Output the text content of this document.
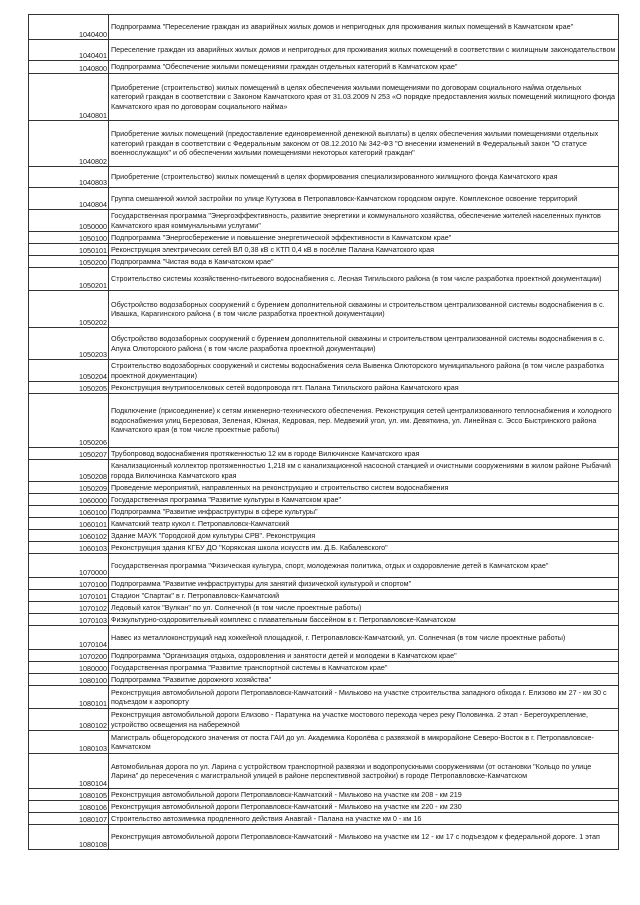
1040400	Подпрограмма "Переселение граждан из аварийных жилых домов и непригодных для проживания жилых помещений в Камчатском крае"
1040401	Переселение граждан из аварийных жилых домов и непригодных для проживания жилых помещений в соответствии с жилищным законодательством
1040800	Подпрограмма "Обеспечение жилыми помещениями граждан отдельных категорий в Камчатском крае"
1040801	Приобретение (строительство) жилых помещений в целях обеспечения жилыми помещениями по договорам социального найма отдельных категорий граждан в соответствии с Законом Камчатского края от 31.03.2009 N 253 «О порядке предоставления жилых помещений жилищного фонда Камчатского края по договорам социального найма»
1040802	Приобретение жилых помещений (предоставление единовременной денежной выплаты) в целях обеспечения жилыми помещениями отдельных категорий граждан в соответствии с Федеральным законом от 08.12.2010 № 342-ФЗ "О внесении изменений в Федеральный закон "О статусе военнослужащих" и об обеспечении жилыми помещениями некоторых категорий граждан"
1040803	Приобретение (строительство) жилых помещений в целях формирования специализированного жилищного фонда Камчатского края
1040804	Группа смешанной жилой застройки по улице Кутузова в Петропавловск-Камчатском городском округе. Комплексное освоение территорий
1050000	Государственная программа "Энергоэффективность, развитие энергетики и коммунального хозяйства, обеспечение жителей населенных пунктов Камчатского края коммунальными услугами"
1050100	Подпрограмма "Энергосбережение и повышение энергетической эффективности в Камчатском крае"
1050101	Реконструкция электрических сетей ВЛ 0,38 кВ с КТП 0,4 кВ в посёлке Палана Камчатского края
1050200	Подпрограмма "Чистая вода в Камчатском крае"
1050201	Строительство системы хозяйственно-питьевого водоснабжения с. Лесная Тигильского района (в том числе разработка проектной документации)
1050202	Обустройство водозаборных сооружений с бурением дополнительной скважины и строительством централизованной системы водоснабжения в с. Ивашка, Карагинского района ( в том числе разработка проектной документации)
1050203	Обустройство водозаборных сооружений с бурением дополнительной скважины и строительством централизованной системы водоснабжения в с. Апука Олюторского района ( в том числе разработка проектной документации)
1050204	Строительство водозаборных сооружений и системы водоснабжения села Вывенка Олюторского муниципального района (в том числе разработка проектной документации)
1050205	Реконструкция внутрипоселковых сетей водопровода пгт. Палана Тигильского района Камчатского края
1050206	Подключение (присоединение) к сетям инженерно-технического обеспечения. Реконструкция сетей централизованного теплоснабжения и холодного водоснабжения улиц Березовая, Зеленая, Южная, Кедровая, пер. Медвежий угол, ул. им. Девяткина, ул. Линейная с. Эссо Быстринского района Камчатского края (в том числе проектные работы)
1050207	Трубопровод водоснабжения протяженностью 12 км в городе Вилючинске Камчатского края
1050208	Канализационный коллектор протяженностью 1,218 км с канализационной насосной станцией и очистными сооружениями в жилом районе Рыбачий города Вилючинска Камчатского края
1050209	Проведение мероприятий, направленных на реконструкцию и строительство систем водоснабжения
1060000	Государственная программа "Развитие культуры в Камчатском крае"
1060100	Подпрограмма "Развитие инфраструктуры в сфере культуры"
1060101	Камчатский театр кукол г. Петропавловск-Камчатский
1060102	Здание МАУК "Городской дом культуры СРВ". Реконструкция
1060103	Реконструкция здания КГБУ ДО "Корякская школа искусств им. Д.Б. Кабалевского"
1070000	Государственная программа "Физическая культура, спорт, молодежная политика, отдых и оздоровление детей в Камчатском крае"
1070100	Подпрограмма "Развитие инфраструктуры для занятий физической культурой и спортом"
1070101	Стадион "Спартак" в г. Петропавловск-Камчатский
1070102	Ледовый каток "Вулкан" по ул. Солнечной (в том числе проектные работы)
1070103	Физкультурно-оздоровительный комплекс с плавательным бассейном в г. Петропавловске-Камчатском
1070104	Навес из металлоконструкций над хоккейной площадкой, г. Петропавловск-Камчатский, ул. Солнечная (в том числе проектные работы)
1070200	Подпрограмма "Организация отдыха, оздоровления и занятости детей и молодежи в Камчатском крае"
1080000	Государственная программа "Развитие транспортной системы в Камчатском крае"
1080100	Подпрограмма "Развитие дорожного хозяйства"
1080101	Реконструкция автомобильной дороги Петропавловск-Камчатский - Мильково на участке строительства западного обхода г. Елизово км 27 - км 30 с подъездом к аэропорту
1080102	Реконструкция автомобильной дороги Елизово - Паратунка на участке мостового перехода через реку Половинка. 2 этап - Берегоукрепление, устройство освещения на набережной
1080103	Магистраль общегородского значения от поста ГАИ до ул. Академика Королёва с развязкой в микрорайоне Северо-Восток в г. Петропавловске-Камчатском
1080104	Автомобильная дорога по ул. Ларина с устройством транспортной развязки и водопропускными сооружениями (от остановки "Кольцо по улице Ларина" до пересечения с магистральной улицей в районе перспективной застройки) в городе Петропавловске-Камчатском
1080105	Реконструкция автомобильной дороги Петропавловск-Камчатский - Мильково на участке км 208 - км 219
1080106	Реконструкция автомобильной дороги Петропавловск-Камчатский - Мильково на участке км 220 - км 230
1080107	Строительство автозимника продленного действия Анавгай - Палана на участке км 0 - км 16
1080108	Реконструкция автомобильной дороги Петропавловск-Камчатский - Мильково на участке км 12 - км 17 с подъездом к федеральной дороге. 1 этап
